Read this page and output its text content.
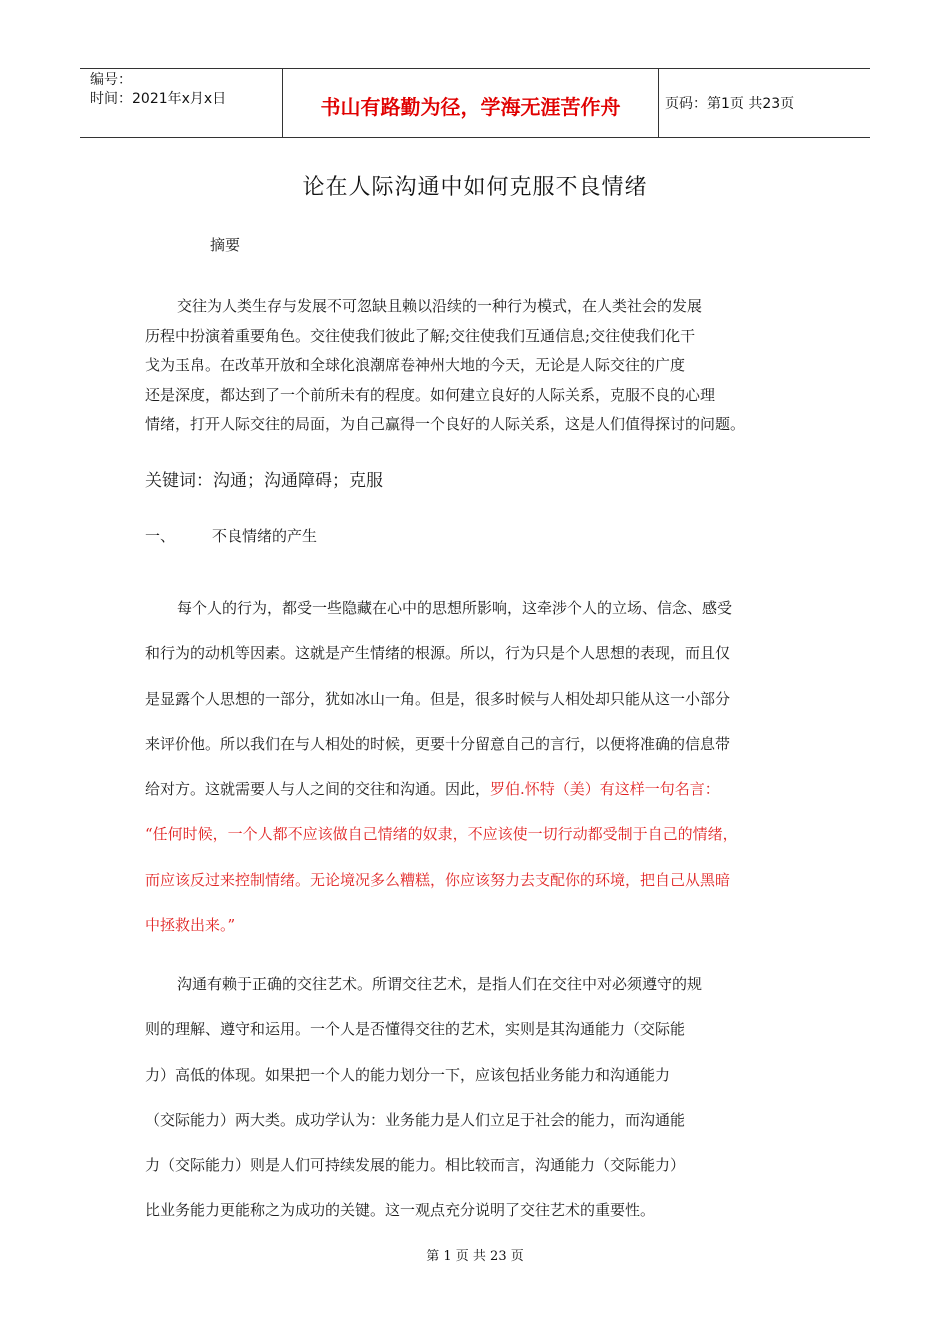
编号：
时间：2021年x月x日	书山有路勤为径，学海无涯苦作舟	页码：第1页 共23页
论在人际沟通中如何克服不良情绪
摘要
交往为人类生存与发展不可忽缺且赖以沿续的一种行为模式，在人类社会的发展
历程中扮演着重要角色。交往使我们彼此了解;交往使我们互通信息;交往使我们化干
戈为玉帛。在改革开放和全球化浪潮席卷神州大地的今天，无论是人际交往的广度
还是深度，都达到了一个前所未有的程度。如何建立良好的人际关系，克服不良的心理
情绪，打开人际交往的局面，为自己赢得一个良好的人际关系，这是人们值得探讨的问题。
关键词：沟通；沟通障碍；克服
一、 不良情绪的产生
每个人的行为，都受一些隐藏在心中的思想所影响，这牵涉个人的立场、信念、感受
和行为的动机等因素。这就是产生情绪的根源。所以，行为只是个人思想的表现，而且仅
是显露个人思想的一部分，犹如冰山一角。但是，很多时候与人相处却只能从这一小部分
来评价他。所以我们在与人相处的时候，更要十分留意自己的言行，以便将准确的信息带
给对方。这就需要人与人之间的交往和沟通。因此，罗伯.怀特（美）有这样一句名言：
“任何时候，一个人都不应该做自己情绪的奴隶，不应该使一切行动都受制于自己的情绪，
而应该反过来控制情绪。无论境况多么糟糕，你应该努力去支配你的环境，把自己从黑暗
中拯救出来。”
沟通有赖于正确的交往艺术。所谓交往艺术，是指人们在交往中对必须遵守的规
则的理解、遵守和运用。一个人是否懂得交往的艺术，实则是其沟通能力（交际能
力）高低的体现。如果把一个人的能力划分一下，应该包括业务能力和沟通能力
（交际能力）两大类。成功学认为：业务能力是人们立足于社会的能力，而沟通能
力（交际能力）则是人们可持续发展的能力。相比较而言，沟通能力（交际能力）
比业务能力更能称之为成功的关键。这一观点充分说明了交往艺术的重要性。
第 1 页 共 23 页
